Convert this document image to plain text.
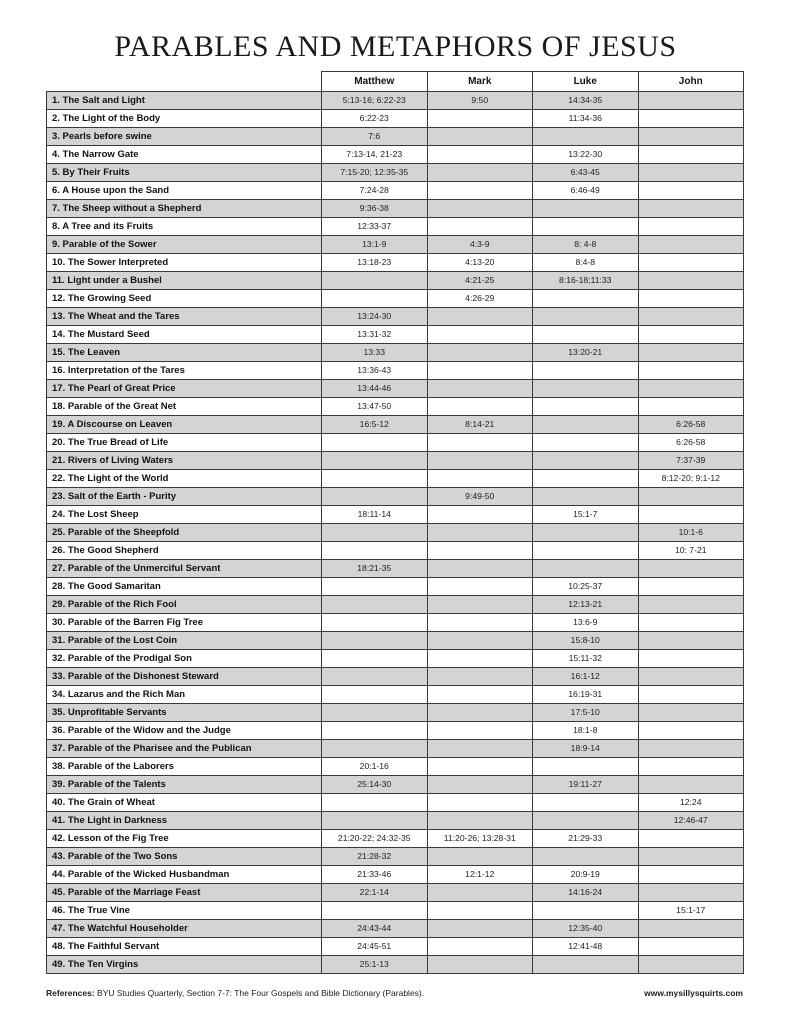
PARABLES AND METAPHORS OF JESUS
	Matthew	Mark	Luke	John
1. The Salt and Light	5:13-16; 6:22-23	9:50	14:34-35	
2. The Light of the Body	6:22-23		11:34-36	
3. Pearls before swine	7:6			
4. The Narrow Gate	7:13-14, 21-23		13:22-30	
5. By Their Fruits	7:15-20; 12:35-35		6:43-45	
6. A House upon the Sand	7:24-28		6:46-49	
7. The Sheep without a Shepherd	9:36-38			
8. A Tree and its Fruits	12:33-37			
9. Parable of the Sower	13:1-9	4:3-9	8: 4-8	
10. The Sower Interpreted	13:18-23	4:13-20	8:4-8	
11. Light under a Bushel		4:21-25	8:16-18;11:33	
12. The Growing Seed		4:26-29		
13. The Wheat and the Tares	13:24-30			
14. The Mustard Seed	13:31-32			
15. The Leaven	13:33		13:20-21	
16. Interpretation of the Tares	13:36-43			
17. The Pearl of Great Price	13:44-46			
18. Parable of the Great Net	13:47-50			
19. A Discourse on Leaven	16:5-12	8:14-21		6:26-58
20. The True Bread of Life				6:26-58
21. Rivers of Living Waters				7:37-39
22. The Light of the World				8:12-20; 9:1-12
23. Salt of the Earth - Purity		9:49-50		
24. The Lost Sheep	18:11-14		15:1-7	
25. Parable of the Sheepfold				10:1-6
26. The Good Shepherd				10: 7-21
27. Parable of the Unmerciful Servant	18:21-35			
28. The Good Samaritan			10:25-37	
29. Parable of the Rich Fool			12:13-21	
30. Parable of the Barren Fig Tree			13:6-9	
31. Parable of the Lost Coin			15:8-10	
32. Parable of the Prodigal Son			15:11-32	
33. Parable of the Dishonest Steward			16:1-12	
34. Lazarus and the Rich Man			16:19-31	
35. Unprofitable Servants			17:5-10	
36. Parable of the Widow and the Judge			18:1-8	
37. Parable of the Pharisee and the Publican			18:9-14	
38. Parable of the Laborers	20:1-16			
39. Parable of the Talents	25:14-30		19:11-27	
40. The Grain of Wheat				12:24
41. The Light in Darkness				12:46-47
42. Lesson of the Fig Tree	21:20-22; 24:32-35	11:20-26; 13:28-31	21:29-33	
43. Parable of the Two Sons	21:28-32			
44. Parable of the Wicked Husbandman	21:33-46	12:1-12	20:9-19	
45. Parable of the Marriage Feast	22:1-14		14:16-24	
46. The True Vine				15:1-17
47. The Watchful Householder	24:43-44		12:35-40	
48. The Faithful Servant	24:45-51		12:41-48	
49. The Ten Virgins	25:1-13			
References: BYU Studies Quarterly, Section 7-7: The Four Gospels and Bible Dictionary (Parables).	www.mysillysquirts.com
